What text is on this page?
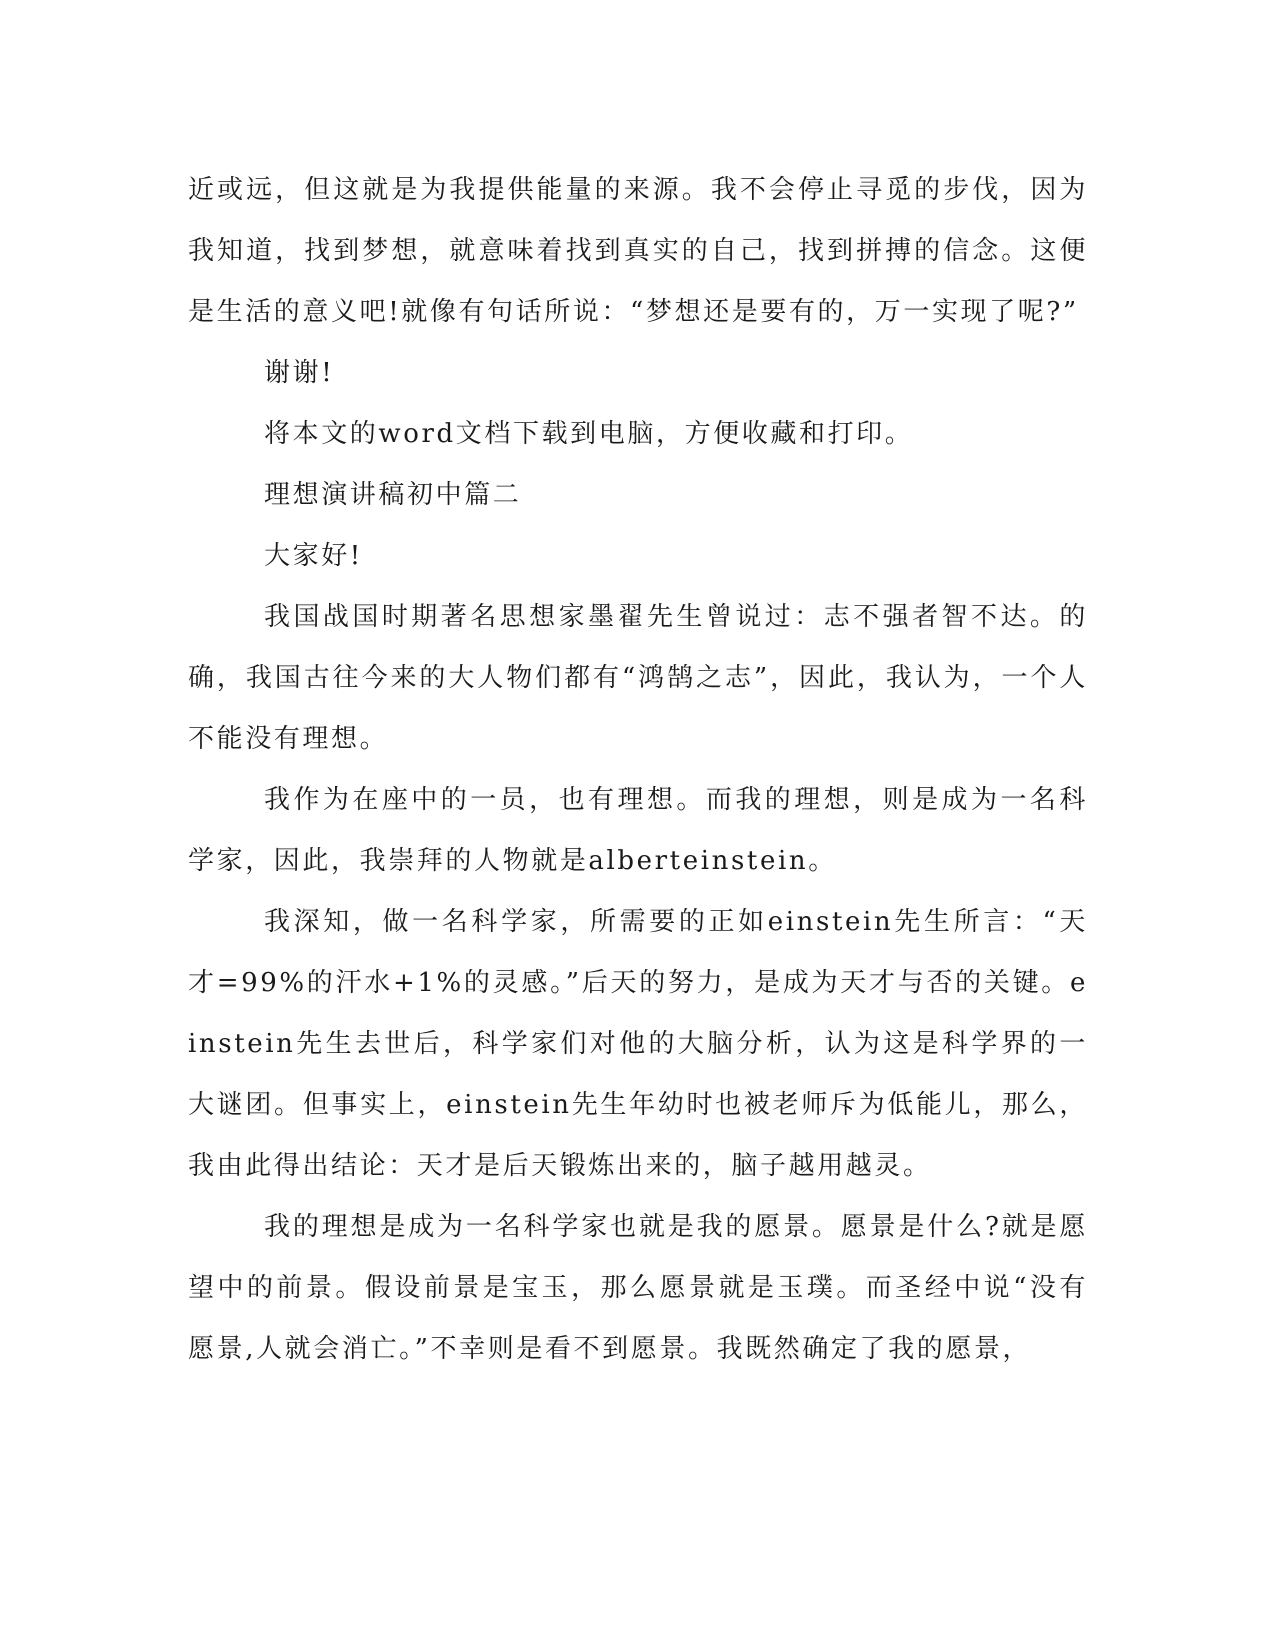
近或远，但这就是为我提供能量的来源。我不会停止寻觅的步伐，因为我知道，找到梦想，就意味着找到真实的自己，找到拼搏的信念。这便是生活的意义吧!就像有句话所说：“梦想还是要有的，万一实现了呢?”

谢谢!

将本文的word文档下载到电脑，方便收藏和打印。

理想演讲稿初中篇二

大家好!

我国战国时期著名思想家墨翟先生曾说过：志不强者智不达。的确，我国古往今来的大人物们都有“鸿鹄之志”，因此，我认为，一个人不能没有理想。

我作为在座中的一员，也有理想。而我的理想，则是成为一名科学家，因此，我崇拜的人物就是alberteinstein。

我深知，做一名科学家，所需要的正如einstein先生所言：“天才=99%的汗水+1%的灵感。”后天的努力，是成为天才与否的关键。einstein先生去世后，科学家们对他的大脑分析，认为这是科学界的一大谜团。但事实上，einstein先生年幼时也被老师斥为低能儿，那么，我由此得出结论：天才是后天锻炼出来的，脑子越用越灵。

我的理想是成为一名科学家也就是我的愿景。愿景是什么?就是愿望中的前景。假设前景是宝玉，那么愿景就是玉璞。而圣经中说“没有愿景,人就会消亡。”不幸则是看不到愿景。我既然确定了我的愿景，
